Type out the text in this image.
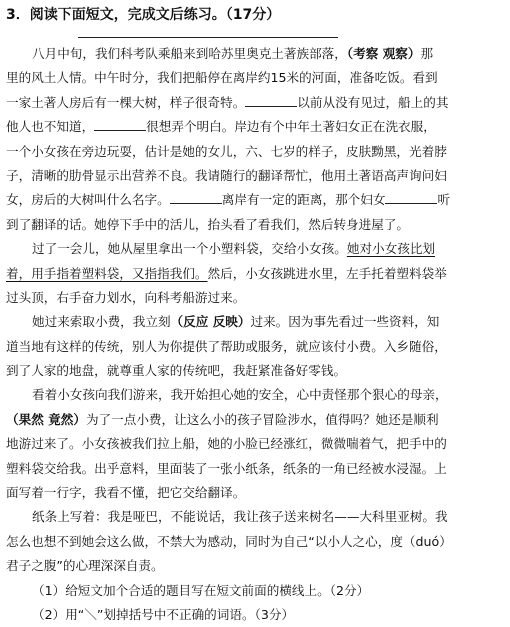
3．阅读下面短文，完成文后练习。（17分）
八月中旬，我们科考队乘船来到哈苏里奥克土著族部落，（考察 观察）那
里的风土人情。中午时分，我们把船停在离岸约15米的河面，准备吃饭。看到
一家土著人房后有一棵大树，样子很奇特。	以前从没有见过，船上的其
他人也不知道，	很想弄个明白。岸边有个中年土著妇女正在洗衣服，
一个小女孩在旁边玩耍，估计是她的女儿，六、七岁的样子，皮肤黝黑，光着脖
子，清晰的肋骨显示出营养不良。我请随行的翻译帮忙，他用土著语高声询问妇
女，房后的大树叫什么名字。	离岸有一定的距离，那个妇女	听
到了翻译的话。她停下手中的活儿，抬头看了看我们，然后转身进屋了。
过了一会儿，她从屋里拿出一个小塑料袋，交给小女孩。她对小女孩比划
着，用手指着塑料袋，又指指我们。然后，小女孩跳进水里，左手托着塑料袋举
过头顶，右手奋力划水，向科考船游过来。
她过来索取小费，我立刻（反应 反映）过来。因为事先看过一些资料，知
道当地有这样的传统，别人为你提供了帮助或服务，就应该付小费。入乡随俗，
到了人家的地盘，就尊重人家的传统吧，我赶紧准备好零钱。
看着小女孩向我们游来，我开始担心她的安全，心中责怪那个狠心的母亲，
（果然 竟然）为了一点小费，让这么小的孩子冒险涉水，值得吗？她还是顺利
地游过来了。小女孩被我们拉上船，她的小脸已经涨红，微微喘着气，把手中的
塑料袋交给我。出乎意料，里面装了一张小纸条，纸条的一角已经被水浸湿。上
面写着一行字，我看不懂，把它交给翻译。
纸条上写着：我是哑巴，不能说话，我让孩子送来树名——大科里亚树。我
怎么也想不到她会这么做，不禁大为感动，同时为自己“以小人之心，度（duó）
君子之腹”的心理深深自责。
（1）给短文加个合适的题目写在短文前面的横线上。（2分）
（2）用“＼”划掉括号中不正确的词语。（3分）
